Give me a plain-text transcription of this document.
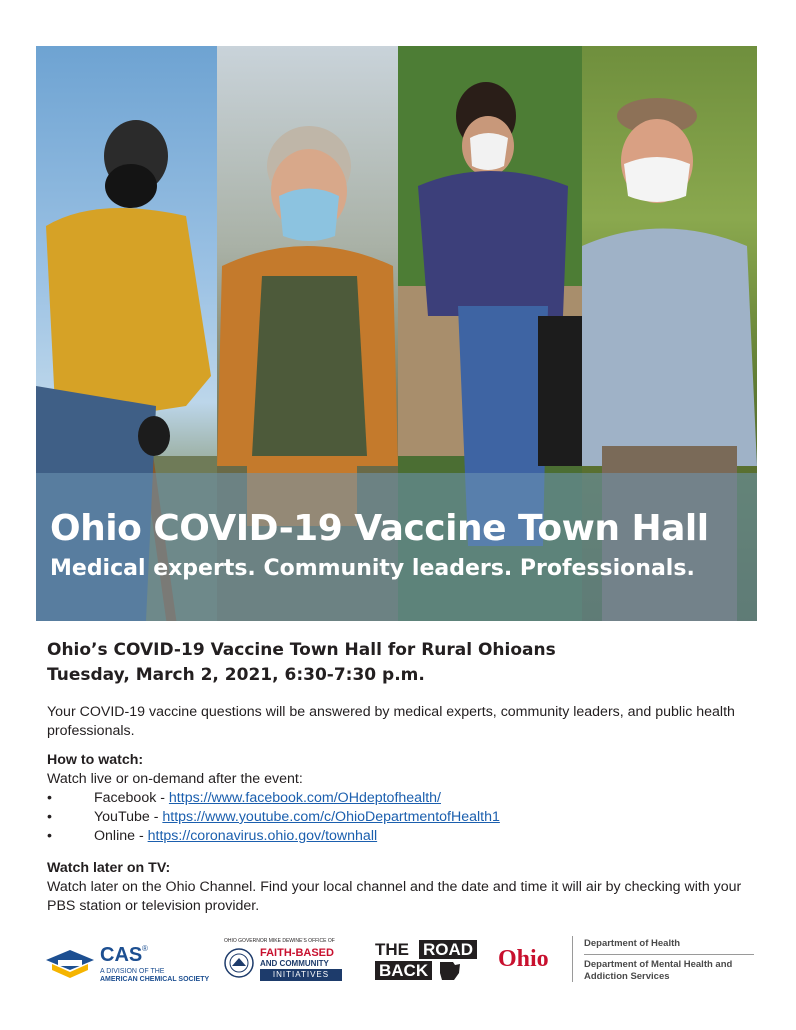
Ohio COVID-19 Vaccine Town Hall
Medical experts. Community leaders. Professionals.
Ohio’s COVID-19 Vaccine Town Hall for Rural Ohioans
Tuesday, March 2, 2021, 6:30-7:30 p.m.
Your COVID-19 vaccine questions will be answered by medical experts, community leaders, and public health professionals.
How to watch:
Watch live or on-demand after the event:
•	Facebook - https://www.facebook.com/OHdeptofhealth/
•	YouTube - https://www.youtube.com/c/OhioDepartmentofHealth1
•	Online - https://coronavirus.ohio.gov/townhall
Watch later on TV:
Watch later on the Ohio Channel. Find your local channel and the date and time it will air by checking with your PBS station or television provider.
CAS ®
A DIVISION OF THE
AMERICAN CHEMICAL SOCIETY
OHIO GOVERNOR MIKE DEWINE’S OFFICE OF
FAITH-BASED
AND COMMUNITY
INITIATIVES
THE ROAD
BACK	Ohio
Department of Health
Department of Mental Health and
Addiction Services
